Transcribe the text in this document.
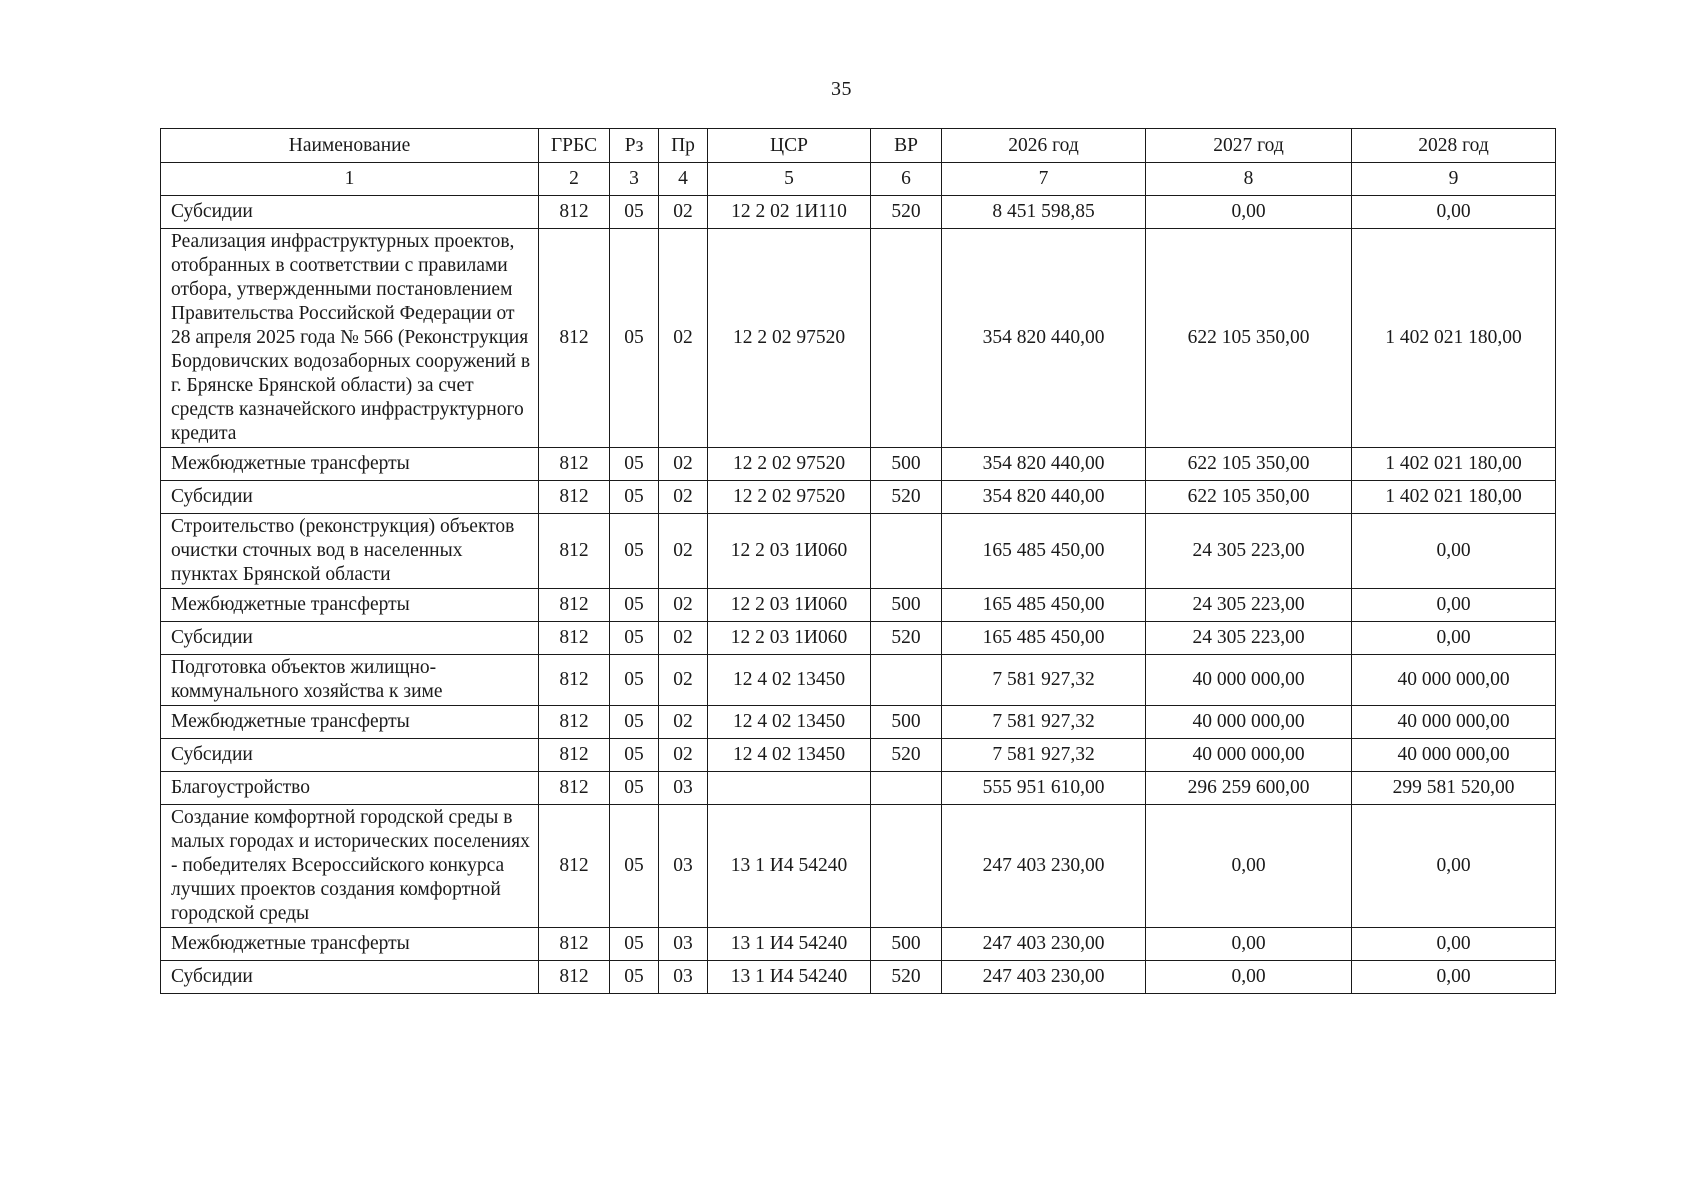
35
Наименование	ГРБС	Рз	Пр	ЦСР	ВР	2026 год	2027 год	2028 год
1	2	3	4	5	6	7	8	9
Субсидии	812	05	02	12 2 02 1И110	520	8 451 598,85	0,00	0,00
Реализация инфраструктурных проектов, отобранных в соответствии с правилами отбора, утвержденными постановлением Правительства Российской Федерации от 28 апреля 2025 года № 566 (Реконструкция Бордовичских водозаборных сооружений в г. Брянске Брянской области) за счет средств казначейского инфраструктурного кредита	812	05	02	12 2 02 97520		354 820 440,00	622 105 350,00	1 402 021 180,00
Межбюджетные трансферты	812	05	02	12 2 02 97520	500	354 820 440,00	622 105 350,00	1 402 021 180,00
Субсидии	812	05	02	12 2 02 97520	520	354 820 440,00	622 105 350,00	1 402 021 180,00
Строительство (реконструкция) объектов очистки сточных вод в населенных пунктах Брянской области	812	05	02	12 2 03 1И060		165 485 450,00	24 305 223,00	0,00
Межбюджетные трансферты	812	05	02	12 2 03 1И060	500	165 485 450,00	24 305 223,00	0,00
Субсидии	812	05	02	12 2 03 1И060	520	165 485 450,00	24 305 223,00	0,00
Подготовка объектов жилищно-коммунального хозяйства к зиме	812	05	02	12 4 02 13450		7 581 927,32	40 000 000,00	40 000 000,00
Межбюджетные трансферты	812	05	02	12 4 02 13450	500	7 581 927,32	40 000 000,00	40 000 000,00
Субсидии	812	05	02	12 4 02 13450	520	7 581 927,32	40 000 000,00	40 000 000,00
Благоустройство	812	05	03			555 951 610,00	296 259 600,00	299 581 520,00
Создание комфортной городской среды в малых городах и исторических поселениях - победителях Всероссийского конкурса лучших проектов создания комфортной городской среды	812	05	03	13 1 И4 54240		247 403 230,00	0,00	0,00
Межбюджетные трансферты	812	05	03	13 1 И4 54240	500	247 403 230,00	0,00	0,00
Субсидии	812	05	03	13 1 И4 54240	520	247 403 230,00	0,00	0,00
